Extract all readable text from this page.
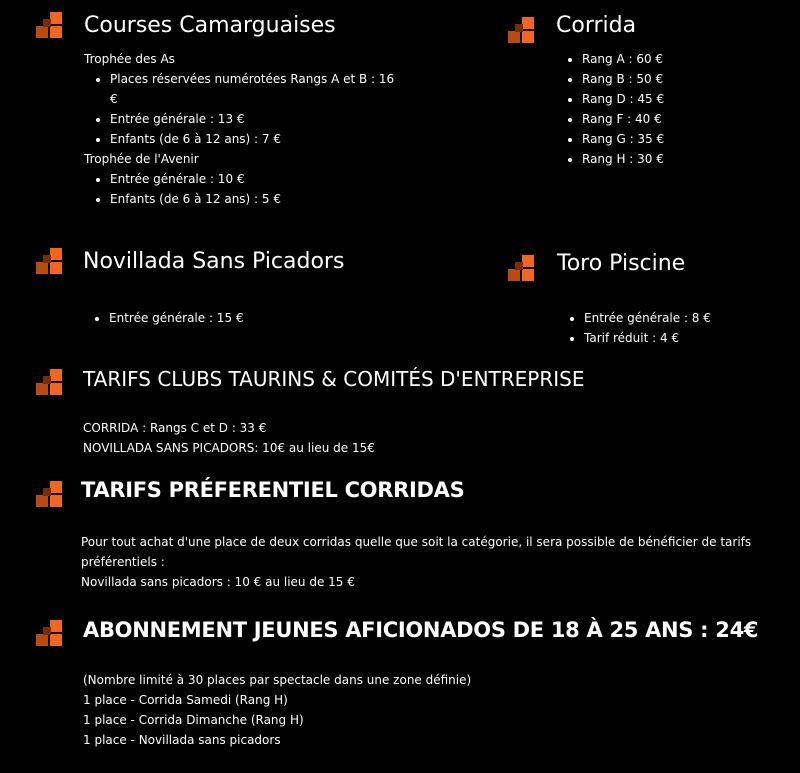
Courses Camarguaises

Trophée des As

• Places réservées numérotées Rangs A et B : 16 €
• Entrée générale : 13 €
• Enfants (de 6 à 12 ans) : 7 €

Trophée de l'Avenir

• Entrée générale : 10 €
• Enfants (de 6 à 12 ans) : 5 €
Corrida
• Rang A : 60 €
• Rang B : 50 €
• Rang D : 45 €
• Rang F : 40 €
• Rang G : 35 €
• Rang H : 30 €
Novillada Sans Picadors
• Entrée générale : 15 €
Toro Piscine
• Entrée générale : 8 €
• Tarif réduit : 4 €
TARIFS CLUBS TAURINS & COMITÉS D'ENTREPRISE

CORRIDA : Rangs C et D : 33 €

NOVILLADA SANS PICADORS: 10€ au lieu de 15€

TARIFS PRÉFERENTIEL CORRIDAS

Pour tout achat d'une place de deux corridas quelle que soit la catégorie, il sera possible de bénéficier de tarifs préférentiels :

Novillada sans picadors : 10 € au lieu de 15 €

ABONNEMENT JEUNES AFICIONADOS DE 18 À 25 ANS : 24€

(Nombre limité à 30 places par spectacle dans une zone définie)

1 place - Corrida Samedi (Rang H)

1 place - Corrida Dimanche (Rang H)

1 place - Novillada sans picadors
